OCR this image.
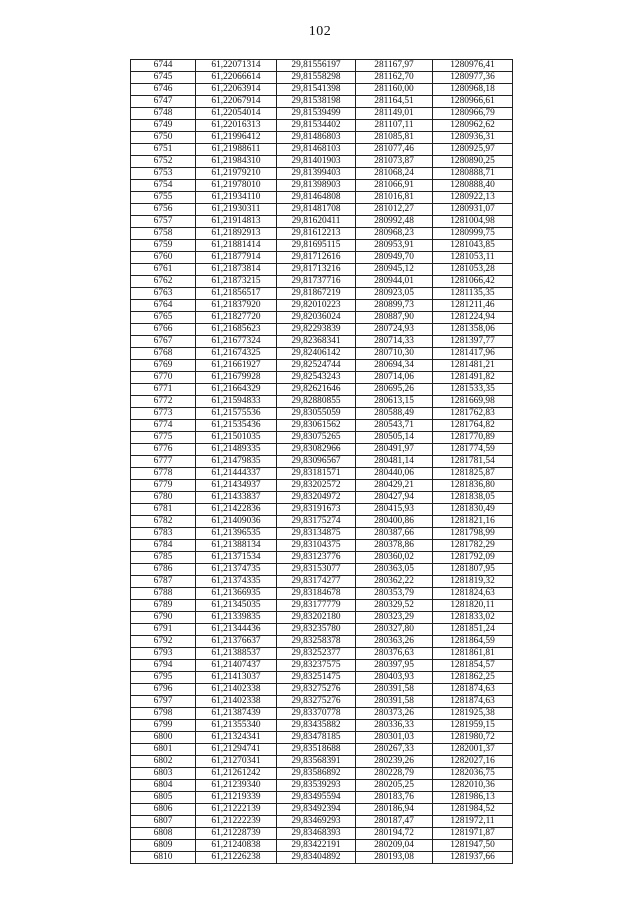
102
6744	61,22071314	29,81556197	281167,97	1280976,41
6745	61,22066614	29,81558298	281162,70	1280977,36
6746	61,22063914	29,81541398	281160,00	1280968,18
6747	61,22067914	29,81538198	281164,51	1280966,61
6748	61,22054014	29,81539499	281149,01	1280966,79
6749	61,22016313	29,81534402	281107,11	1280962,62
6750	61,21996412	29,81486803	281085,81	1280936,31
6751	61,21988611	29,81468103	281077,46	1280925,97
6752	61,21984310	29,81401903	281073,87	1280890,25
6753	61,21979210	29,81399403	281068,24	1280888,71
6754	61,21978010	29,81398903	281066,91	1280888,40
6755	61,21934110	29,81464808	281016,81	1280922,13
6756	61,21930311	29,81481708	281012,27	1280931,07
6757	61,21914813	29,81620411	280992,48	1281004,98
6758	61,21892913	29,81612213	280968,23	1280999,75
6759	61,21881414	29,81695115	280953,91	1281043,85
6760	61,21877914	29,81712616	280949,70	1281053,11
6761	61,21873814	29,81713216	280945,12	1281053,28
6762	61,21873215	29,81737716	280944,01	1281066,42
6763	61,21856517	29,81867219	280923,05	1281135,35
6764	61,21837920	29,82010223	280899,73	1281211,46
6765	61,21827720	29,82036024	280887,90	1281224,94
6766	61,21685623	29,82293839	280724,93	1281358,06
6767	61,21677324	29,82368341	280714,33	1281397,77
6768	61,21674325	29,82406142	280710,30	1281417,96
6769	61,21661927	29,82524744	280694,34	1281481,21
6770	61,21679928	29,82543243	280714,06	1281491,82
6771	61,21664329	29,82621646	280695,26	1281533,35
6772	61,21594833	29,82880855	280613,15	1281669,98
6773	61,21575536	29,83055059	280588,49	1281762,83
6774	61,21535436	29,83061562	280543,71	1281764,82
6775	61,21501035	29,83075265	280505,14	1281770,89
6776	61,21489335	29,83082966	280491,97	1281774,59
6777	61,21479835	29,83096567	280481,14	1281781,54
6778	61,21444337	29,83181571	280440,06	1281825,87
6779	61,21434937	29,83202572	280429,21	1281836,80
6780	61,21433837	29,83204972	280427,94	1281838,05
6781	61,21422836	29,83191673	280415,93	1281830,49
6782	61,21409036	29,83175274	280400,86	1281821,16
6783	61,21396535	29,83134875	280387,66	1281798,99
6784	61,21388134	29,83104375	280378,86	1281782,29
6785	61,21371534	29,83123776	280360,02	1281792,09
6786	61,21374735	29,83153077	280363,05	1281807,95
6787	61,21374335	29,83174277	280362,22	1281819,32
6788	61,21366935	29,83184678	280353,79	1281824,63
6789	61,21345035	29,83177779	280329,52	1281820,11
6790	61,21339835	29,83202180	280323,29	1281833,02
6791	61,21344436	29,83235780	280327,80	1281851,24
6792	61,21376637	29,83258378	280363,26	1281864,59
6793	61,21388537	29,83252377	280376,63	1281861,81
6794	61,21407437	29,83237575	280397,95	1281854,57
6795	61,21413037	29,83251475	280403,93	1281862,25
6796	61,21402338	29,83275276	280391,58	1281874,63
6797	61,21402338	29,83275276	280391,58	1281874,63
6798	61,21387439	29,83370778	280373,26	1281925,38
6799	61,21355340	29,83435882	280336,33	1281959,15
6800	61,21324341	29,83478185	280301,03	1281980,72
6801	61,21294741	29,83518688	280267,33	1282001,37
6802	61,21270341	29,83568391	280239,26	1282027,16
6803	61,21261242	29,83586892	280228,79	1282036,75
6804	61,21239340	29,83539293	280205,25	1282010,36
6805	61,21219339	29,83495594	280183,76	1281986,13
6806	61,21222139	29,83492394	280186,94	1281984,52
6807	61,21222239	29,83469293	280187,47	1281972,11
6808	61,21228739	29,83468393	280194,72	1281971,87
6809	61,21240838	29,83422191	280209,04	1281947,50
6810	61,21226238	29,83404892	280193,08	1281937,66
